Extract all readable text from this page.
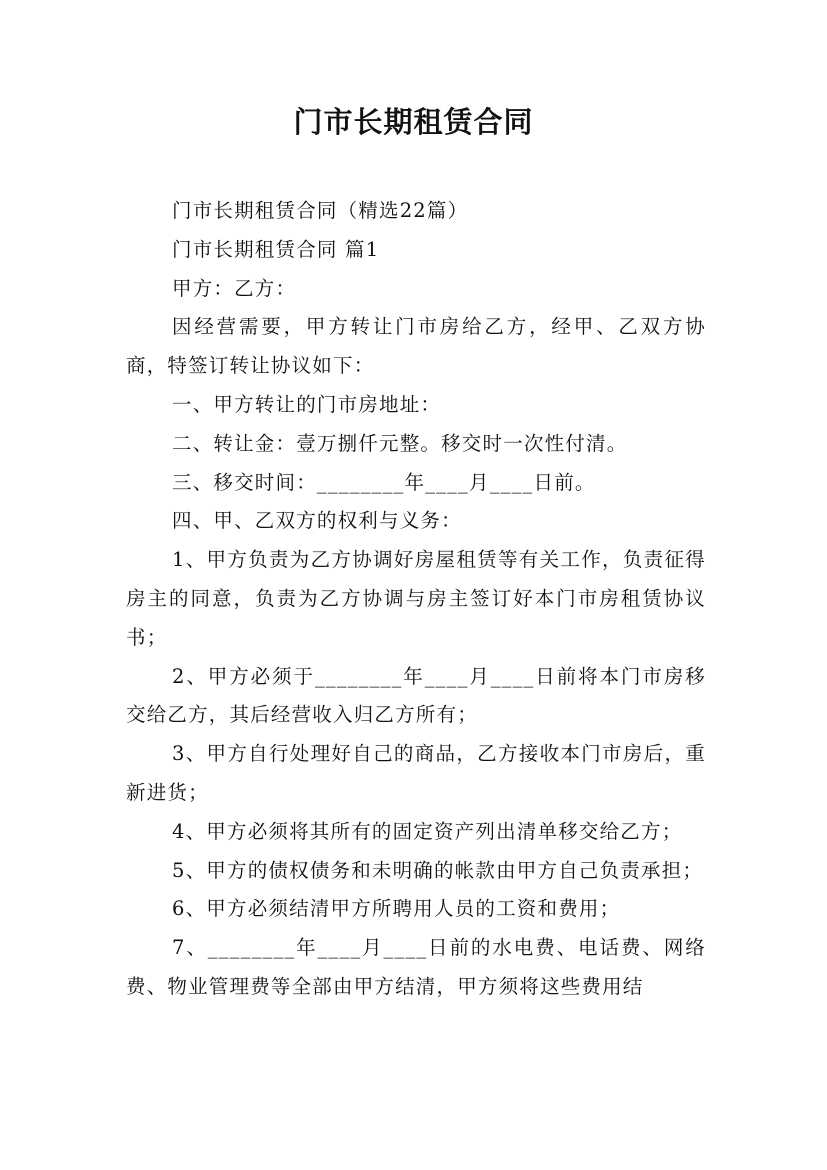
门市长期租赁合同

门市长期租赁合同（精选22篇）

门市长期租赁合同 篇1

甲方：乙方：

因经营需要，甲方转让门市房给乙方，经甲、乙双方协商，特签订转让协议如下：

一、甲方转让的门市房地址：

二、转让金：壹万捌仟元整。移交时一次性付清。

三、移交时间：________年____月____日前。

四、甲、乙双方的权利与义务：

1、甲方负责为乙方协调好房屋租赁等有关工作，负责征得房主的同意，负责为乙方协调与房主签订好本门市房租赁协议书；

2、甲方必须于________年____月____日前将本门市房移交给乙方，其后经营收入归乙方所有；

3、甲方自行处理好自己的商品，乙方接收本门市房后，重新进货；

4、甲方必须将其所有的固定资产列出清单移交给乙方；

5、甲方的债权债务和未明确的帐款由甲方自己负责承担；

6、甲方必须结清甲方所聘用人员的工资和费用；

7、________年____月____日前的水电费、电话费、网络费、物业管理费等全部由甲方结清，甲方须将这些费用结
